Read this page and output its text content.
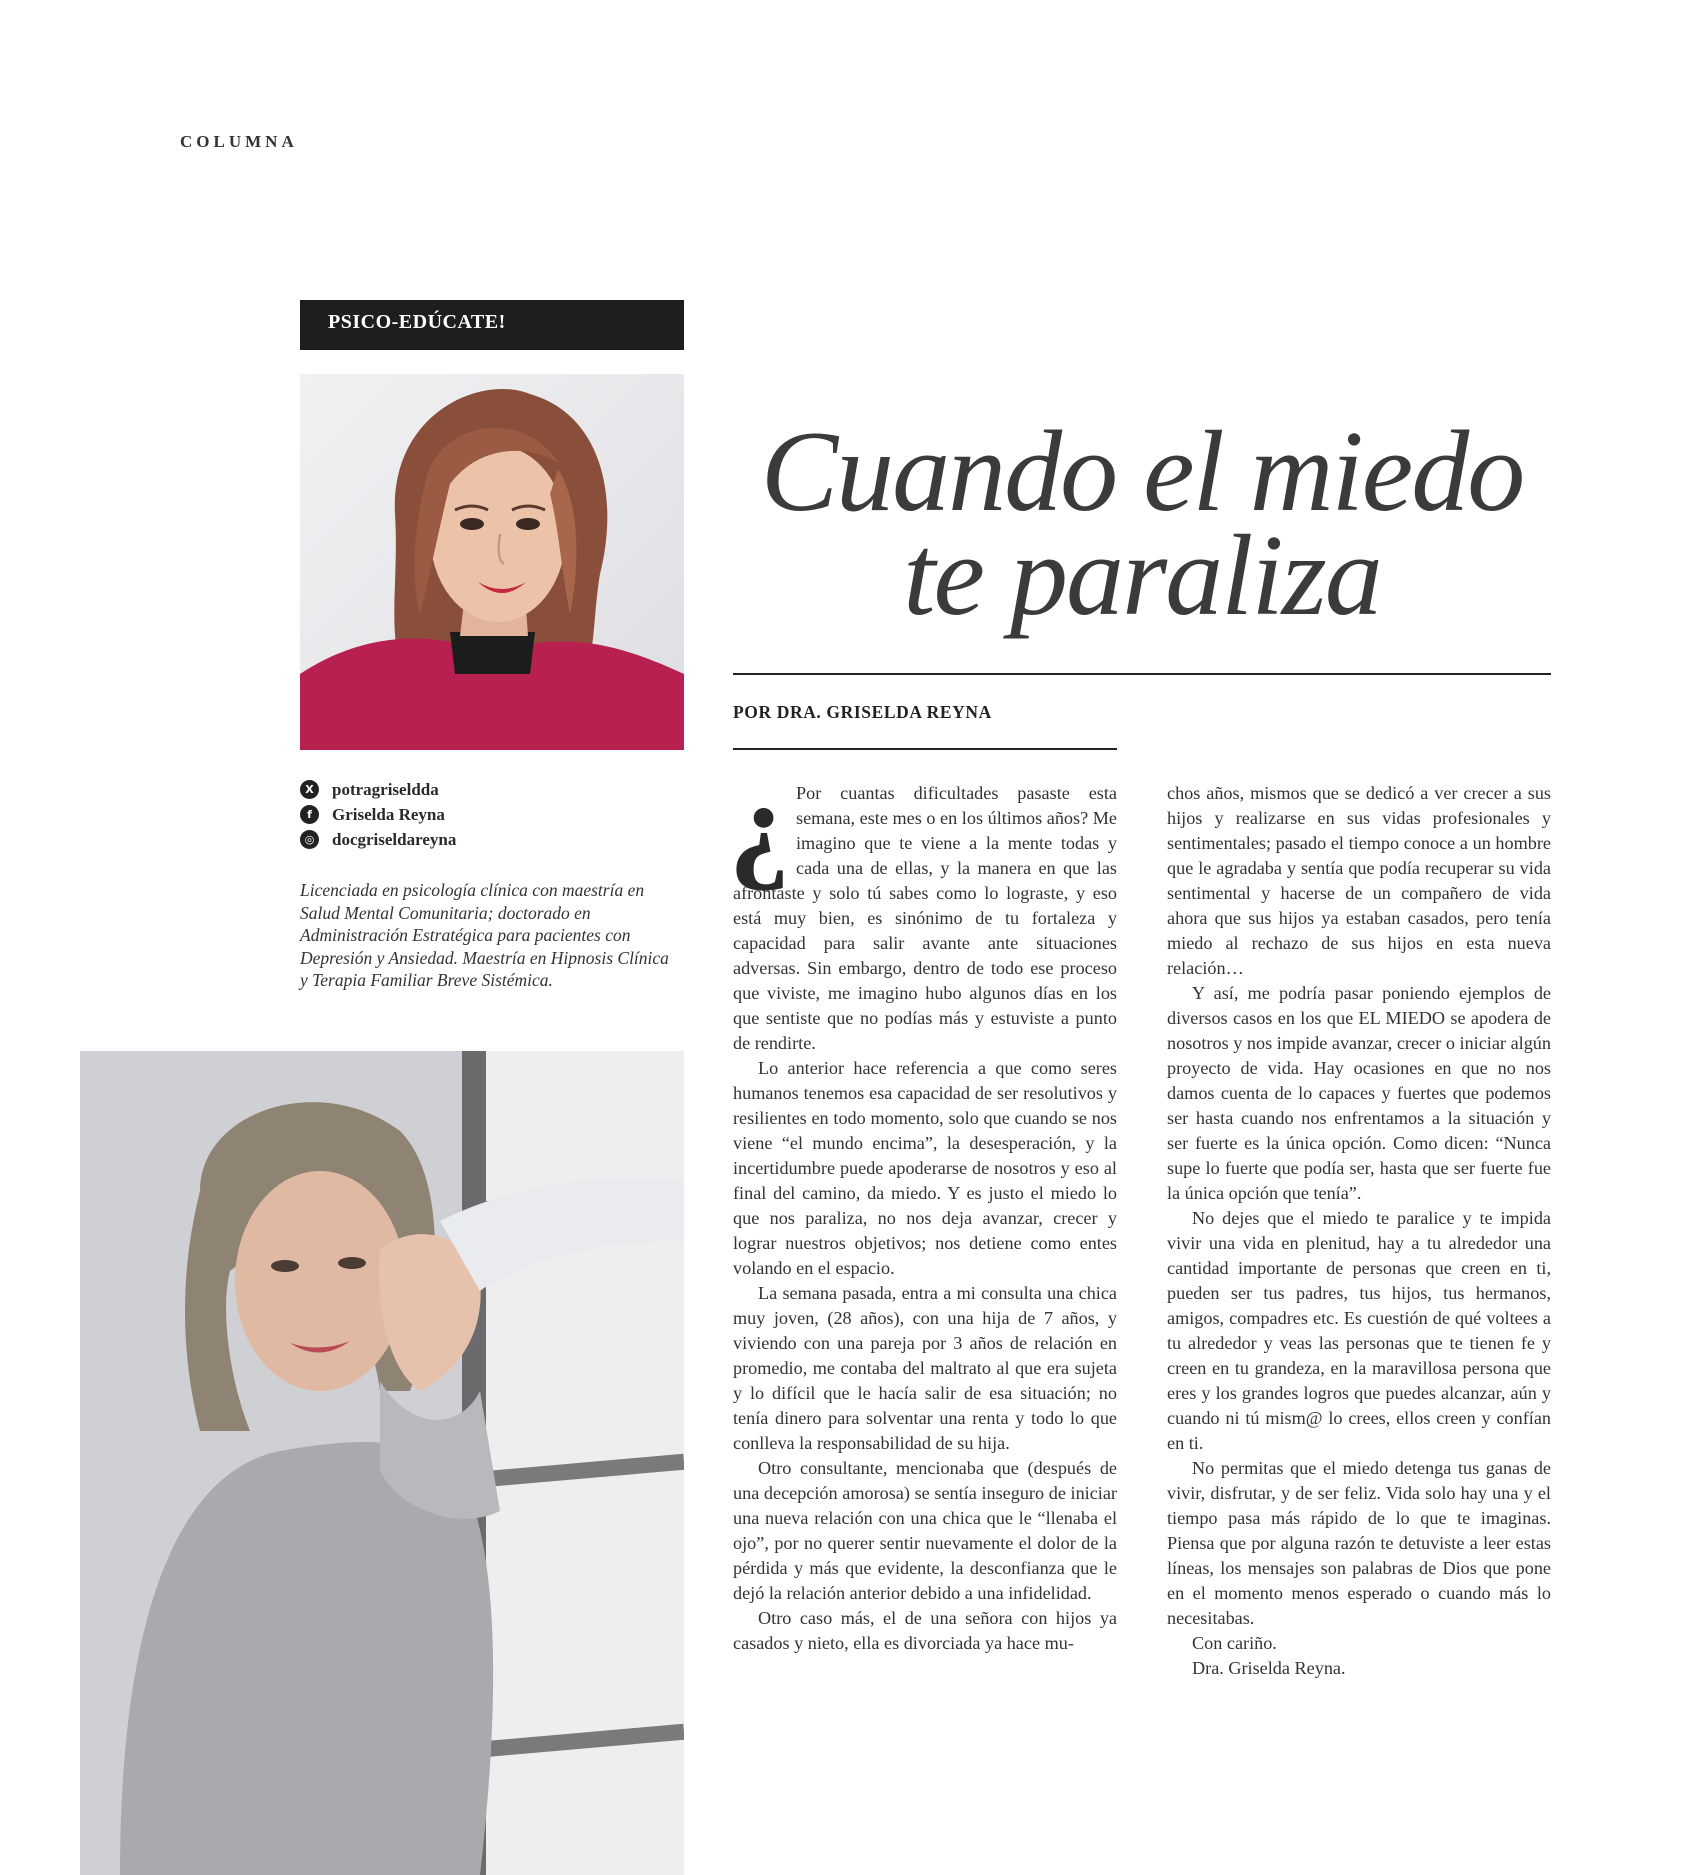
COLUMNA
PSICO-EDÚCATE!
X	potragriseldda
f	Griselda Reyna
◎ docgriseldareyna
Licenciada en psicología clínica con maestría en Salud Mental Comunitaria; doctorado en Administración Estratégica para pacientes con Depresión y Ansiedad. Maestría en Hipnosis Clínica y Terapia Familiar Breve Sistémica.
Cuando el miedo
te paraliza
POR DRA. GRISELDA REYNA
¿ Por cuantas dificultades pasaste esta semana, este mes o en los últimos años? Me imagino que te viene a la mente todas y cada una de ellas, y la manera en que las afrontaste y solo tú sabes como lo lograste, y eso está muy bien, es sinónimo de tu fortaleza y capacidad para salir avante ante situaciones adversas. Sin embargo, dentro de todo ese proceso que viviste, me imagino hubo algunos días en los que sentiste que no podías más y estuviste a punto de rendirte.

Lo anterior hace referencia a que como seres humanos tenemos esa capacidad de ser resolutivos y resilientes en todo momento, solo que cuando se nos viene “el mundo encima”, la desesperación, y la incertidumbre puede apoderarse de nosotros y eso al final del camino, da miedo. Y es justo el miedo lo que nos paraliza, no nos deja avanzar, crecer y lograr nuestros objetivos; nos detiene como entes volando en el espacio.

La semana pasada, entra a mi consulta una chica muy joven, (28 años), con una hija de 7 años, y viviendo con una pareja por 3 años de relación en promedio, me contaba del maltrato al que era sujeta y lo difícil que le hacía salir de esa situación; no tenía dinero para solventar una renta y todo lo que conlleva la responsabilidad de su hija.

Otro consultante, mencionaba que (después de una decepción amorosa) se sentía inseguro de iniciar una nueva relación con una chica que le “llenaba el ojo”, por no querer sentir nuevamente el dolor de la pérdida y más que evidente, la desconfianza que le dejó la relación anterior debido a una infidelidad.

Otro caso más, el de una señora con hijos ya casados y nieto, ella es divorciada ya hace mu-

chos años, mismos que se dedicó a ver crecer a sus hijos y realizarse en sus vidas profesionales y sentimentales; pasado el tiempo conoce a un hombre que le agradaba y sentía que podía recuperar su vida sentimental y hacerse de un compañero de vida ahora que sus hijos ya estaban casados, pero tenía miedo al rechazo de sus hijos en esta nueva relación…

Y así, me podría pasar poniendo ejemplos de diversos casos en los que EL MIEDO se apodera de nosotros y nos impide avanzar, crecer o iniciar algún proyecto de vida. Hay ocasiones en que no nos damos cuenta de lo capaces y fuertes que podemos ser hasta cuando nos enfrentamos a la situación y ser fuerte es la única opción. Como dicen: “Nunca supe lo fuerte que podía ser, hasta que ser fuerte fue la única opción que tenía”.

No dejes que el miedo te paralice y te impida vivir una vida en plenitud, hay a tu alrededor una cantidad importante de personas que creen en ti, pueden ser tus padres, tus hijos, tus hermanos, amigos, compadres etc. Es cuestión de qué voltees a tu alrededor y veas las personas que te tienen fe y creen en tu grandeza, en la maravillosa persona que eres y los grandes logros que puedes alcanzar, aún y cuando ni tú mism@ lo crees, ellos creen y confían en ti.

No permitas que el miedo detenga tus ganas de vivir, disfrutar, y de ser feliz. Vida solo hay una y el tiempo pasa más rápido de lo que te imaginas. Piensa que por alguna razón te detuviste a leer estas líneas, los mensajes son palabras de Dios que pone en el momento menos esperado o cuando más lo necesitabas.

Con cariño.

Dra. Griselda Reyna.
